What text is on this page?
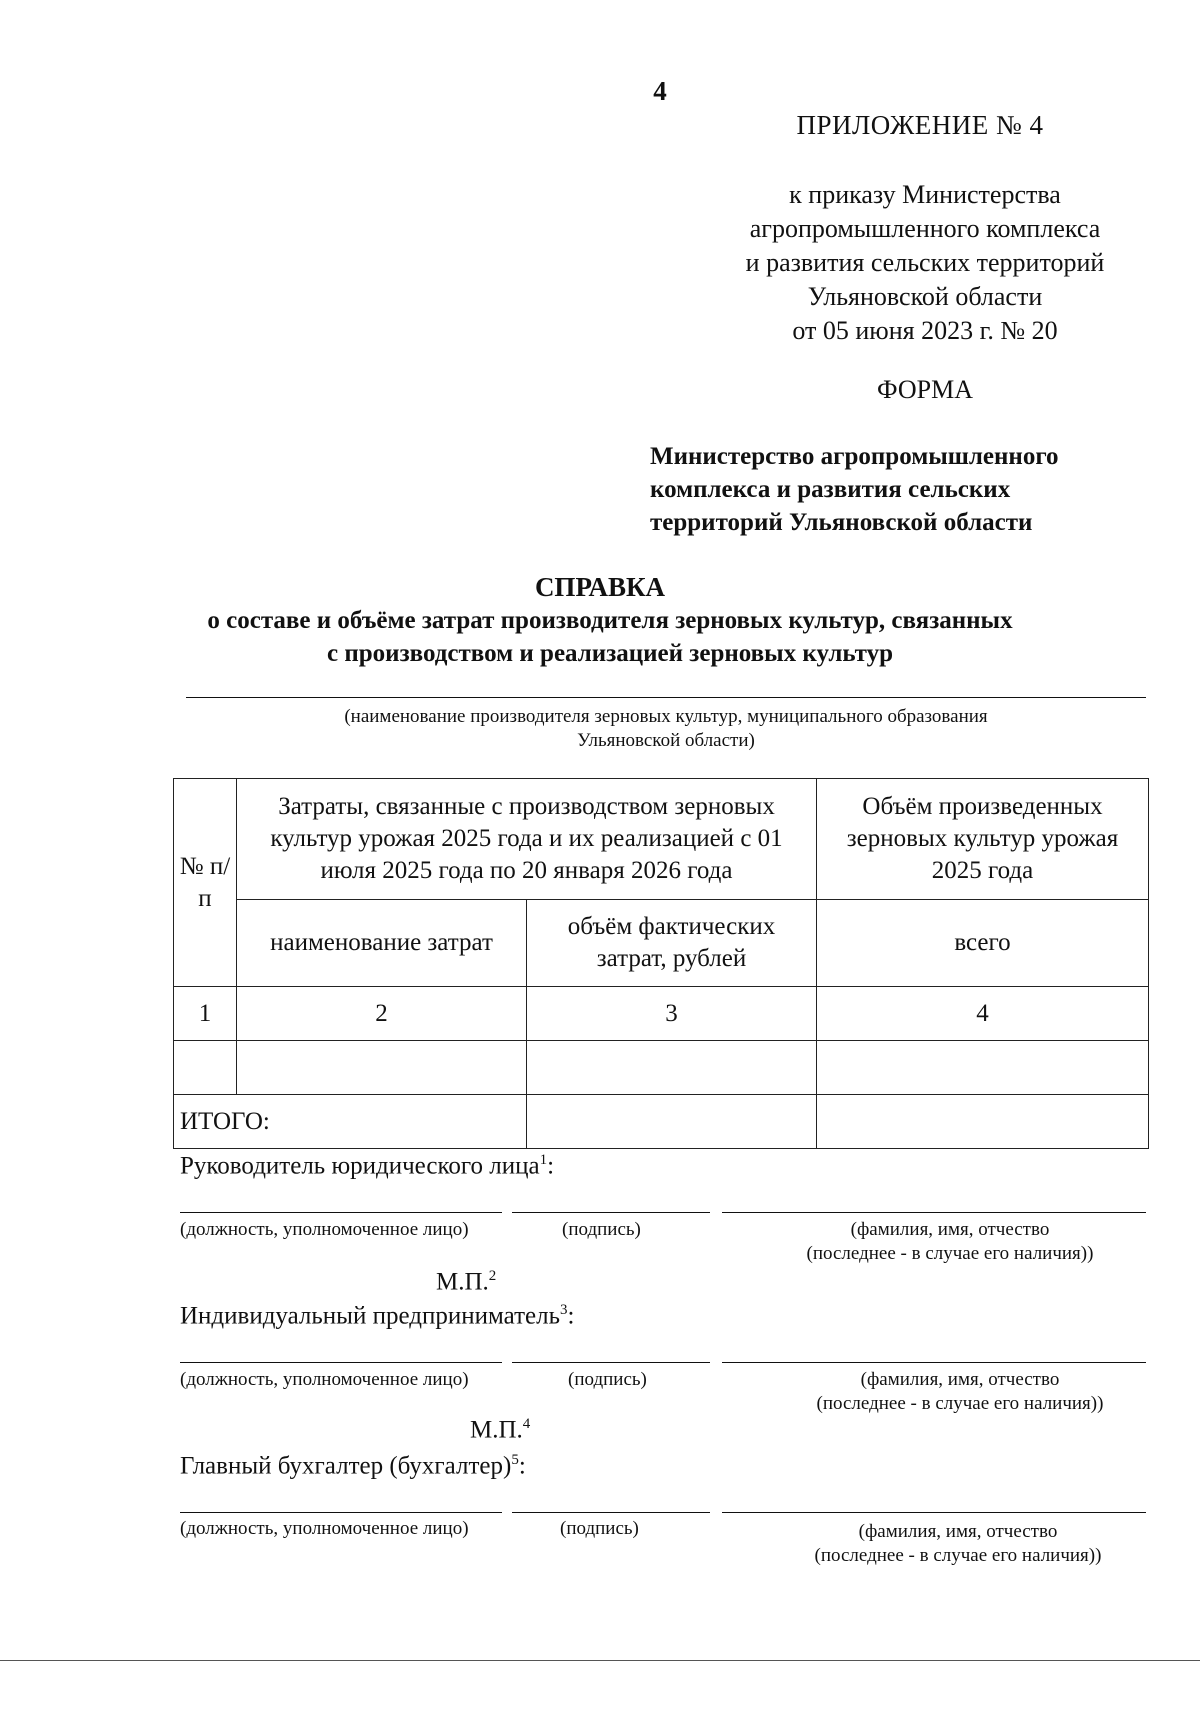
4
ПРИЛОЖЕНИЕ № 4
к приказу Министерства
агропромышленного комплекса
и развития сельских территорий
Ульяновской области
от 05 июня 2023 г. № 20
ФОРМА
Министерство агропромышленного
комплекса и развития сельских
территорий Ульяновской области
СПРАВКА
о составе и объёме затрат производителя зерновых культур, связанных
с производством и реализацией зерновых культур
(наименование производителя зерновых культур, муниципального образования
Ульяновской области)
№ п/п	Затраты, связанные с производством зерновых культур урожая 2025 года и их реализацией с 01 июля 2025 года по 20 января 2026 года		Объём произведенных зерновых культур урожая 2025 года
	наименование затрат	объём фактических затрат, рублей	всего
1	2	3	4

ИТОГО:			
Руководитель юридического лица$^1$:
(должность, уполномоченное лицо)	(подпись)	(фамилия, имя, отчество
(последнее ‐ в случае его наличия))
М.П.$^2$
Индивидуальный предприниматель$^3$:
(должность, уполномоченное лицо)	(подпись)	(фамилия, имя, отчество
(последнее - в случае его наличия))
М.П.$^4$
Главный бухгалтер (бухгалтер)$^5$:
(должность, уполномоченное лицо)	(подпись)	(фамилия, имя, отчество
(последнее - в случае его наличия))
